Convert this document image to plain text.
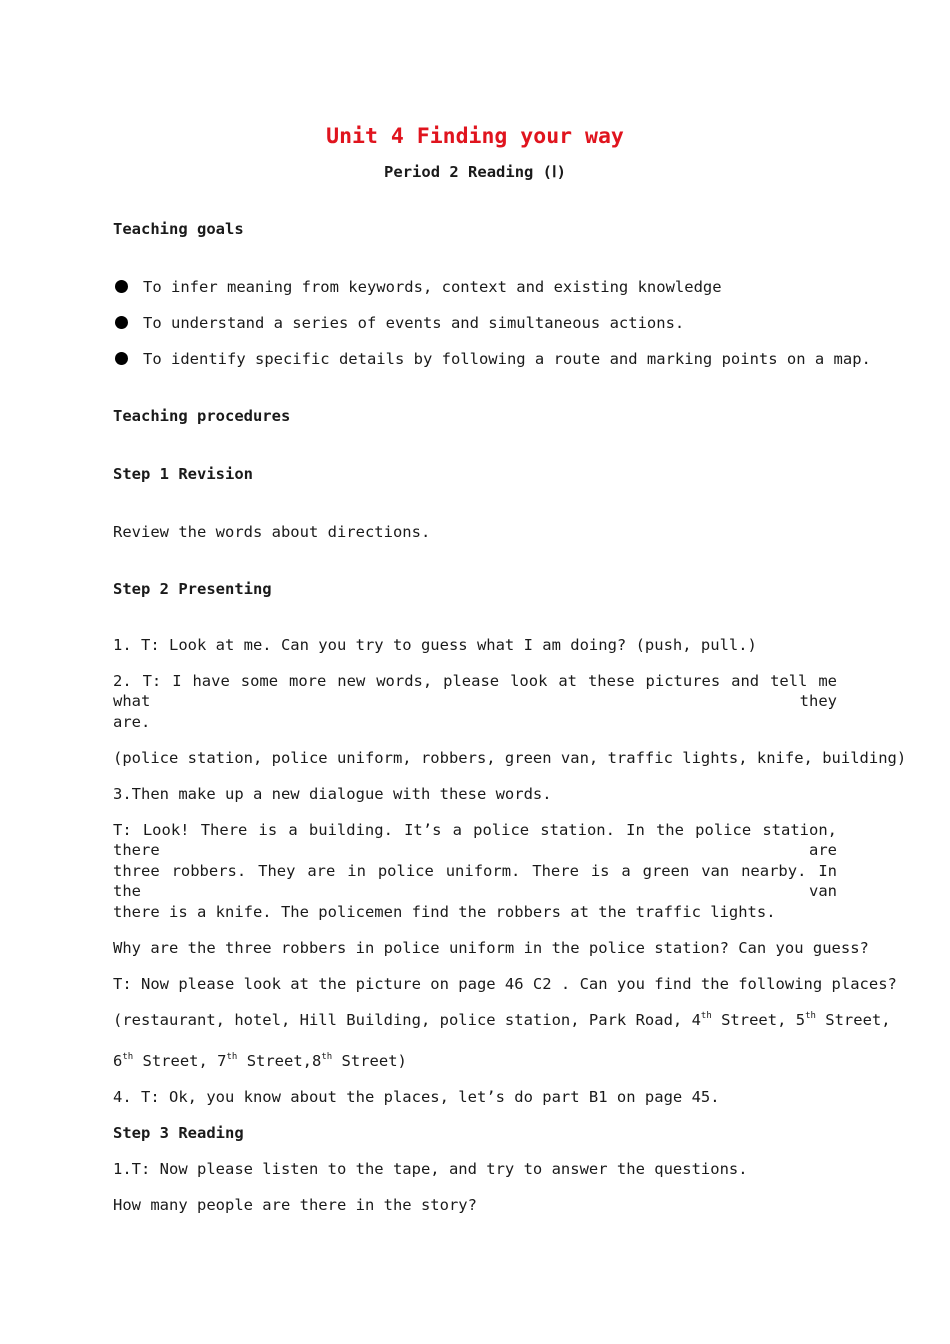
Unit 4 Finding your way
Period 2 Reading (Ⅰ)
Teaching goals
To infer meaning from keywords, context and existing knowledge
To understand a series of events and simultaneous actions.
To identify specific details by following a route and marking points on a map.
Teaching procedures
Step 1 Revision
Review the words about directions.
Step 2 Presenting
1. T: Look at me. Can you try to guess what I am doing? (push, pull.)
2. T: I have some more new words, please look at these pictures and tell me what they
are.
(police station, police uniform, robbers, green van, traffic lights, knife, building)
3.Then make up a new dialogue with these words.
T: Look! There is a building. It’s a police station. In the police station, there are
three robbers. They are in police uniform. There is a green van nearby. In the van
there is a knife. The policemen find the robbers at the traffic lights.
Why are the three robbers in police uniform in the police station? Can you guess?
T: Now please look at the picture on page 46 C2 . Can you find the following places?
(restaurant, hotel, Hill Building, police station, Park Road, 4th Street, 5th Street,
6th Street, 7th Street,8th Street)
4. T: Ok, you know about the places, let’s do part B1 on page 45.
Step 3 Reading
1.T: Now please listen to the tape, and try to answer the questions.
How many people are there in the story?
